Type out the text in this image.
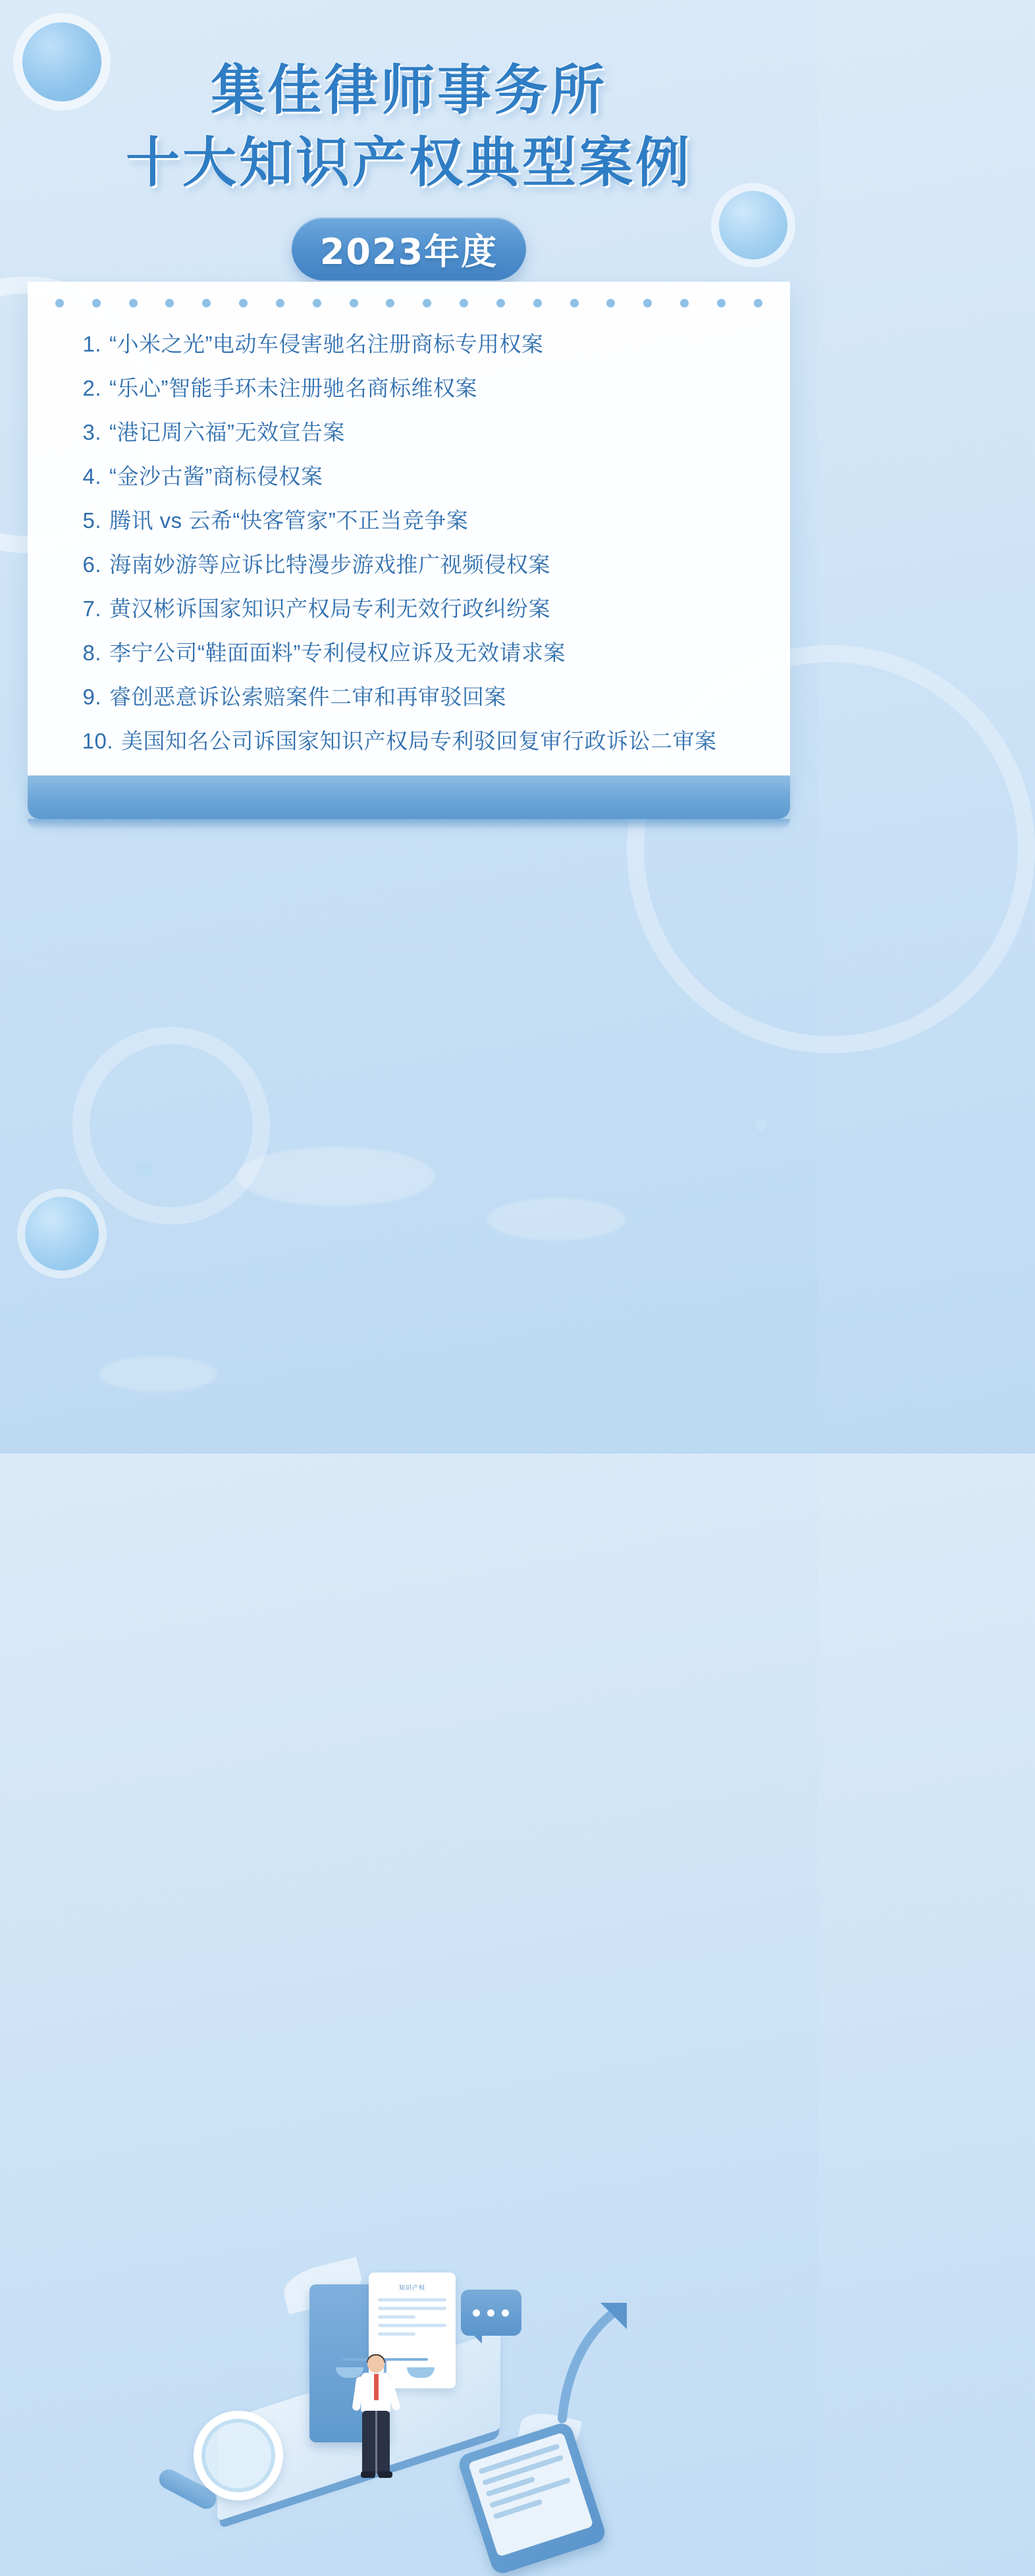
集佳律师事务所
十大知识产权典型案例
2023年度
1. “小米之光”电动车侵害驰名注册商标专用权案
2. “乐心”智能手环未注册驰名商标维权案
3. “港记周六福”无效宣告案
4. “金沙古酱”商标侵权案
5. 腾讯 vs 云希“快客管家”不正当竞争案
6. 海南妙游等应诉比特漫步游戏推广视频侵权案
7. 黄汉彬诉国家知识产权局专利无效行政纠纷案
8. 李宁公司“鞋面面料”专利侵权应诉及无效请求案
9. 睿创恶意诉讼索赔案件二审和再审驳回案
10. 美国知名公司诉国家知识产权局专利驳回复审行政诉讼二审案
知识产权
